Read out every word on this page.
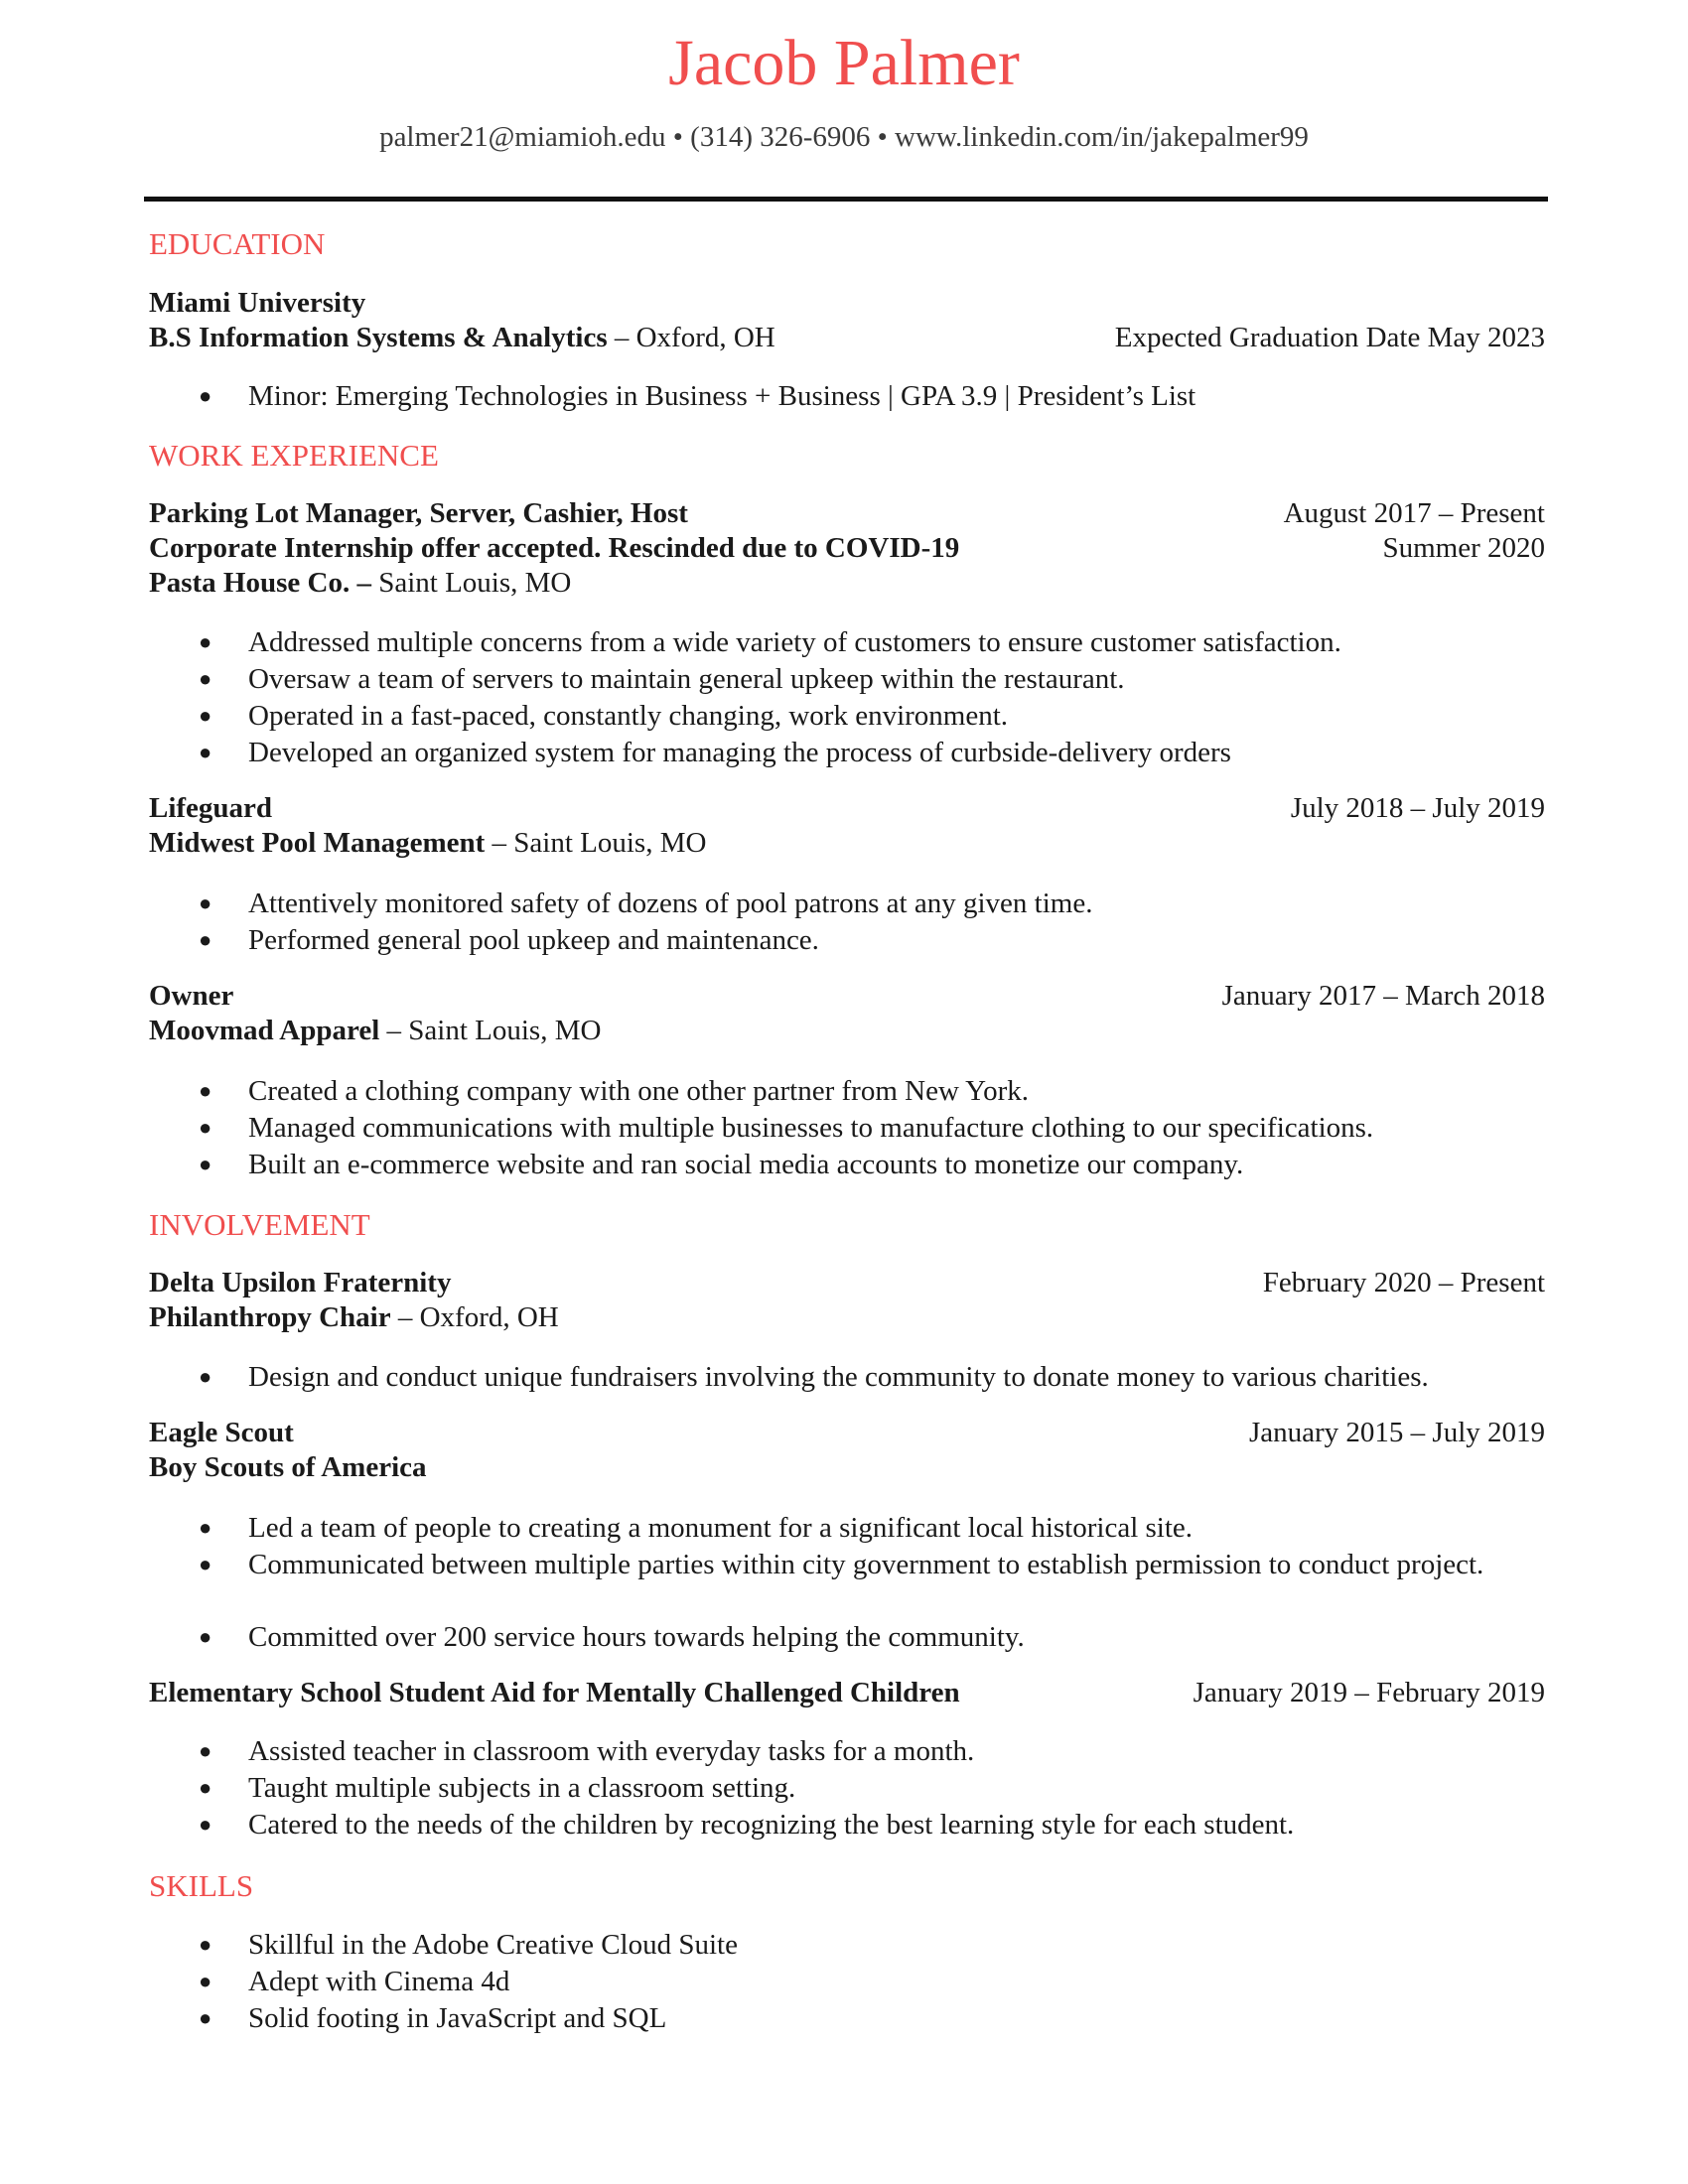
Jacob Palmer
palmer21@miamioh.edu • (314) 326-6906 • www.linkedin.com/in/jakepalmer99
EDUCATION
Miami University
B.S Information Systems & Analytics – Oxford, OH	Expected Graduation Date May 2023
● Minor: Emerging Technologies in Business + Business | GPA 3.9 | President’s List
WORK EXPERIENCE
Parking Lot Manager, Server, Cashier, Host	August 2017 – Present
Corporate Internship offer accepted. Rescinded due to COVID-19	Summer 2020
Pasta House Co. – Saint Louis, MO
● Addressed multiple concerns from a wide variety of customers to ensure customer satisfaction.
● Oversaw a team of servers to maintain general upkeep within the restaurant.
● Operated in a fast-paced, constantly changing, work environment.
● Developed an organized system for managing the process of curbside-delivery orders
Lifeguard	July 2018 – July 2019
Midwest Pool Management – Saint Louis, MO
● Attentively monitored safety of dozens of pool patrons at any given time.
● Performed general pool upkeep and maintenance.
Owner	January 2017 – March 2018
Moovmad Apparel – Saint Louis, MO
● Created a clothing company with one other partner from New York.
● Managed communications with multiple businesses to manufacture clothing to our specifications.
● Built an e-commerce website and ran social media accounts to monetize our company.
INVOLVEMENT
Delta Upsilon Fraternity	February 2020 – Present
Philanthropy Chair – Oxford, OH
● Design and conduct unique fundraisers involving the community to donate money to various charities.
Eagle Scout	January 2015 – July 2019
Boy Scouts of America
● Led a team of people to creating a monument for a significant local historical site.
● Communicated between multiple parties within city government to establish permission to conduct project.
● Committed over 200 service hours towards helping the community.
Elementary School Student Aid for Mentally Challenged Children	January 2019 – February 2019
● Assisted teacher in classroom with everyday tasks for a month.
● Taught multiple subjects in a classroom setting.
● Catered to the needs of the children by recognizing the best learning style for each student.
SKILLS
● Skillful in the Adobe Creative Cloud Suite
● Adept with Cinema 4d
● Solid footing in JavaScript and SQL
